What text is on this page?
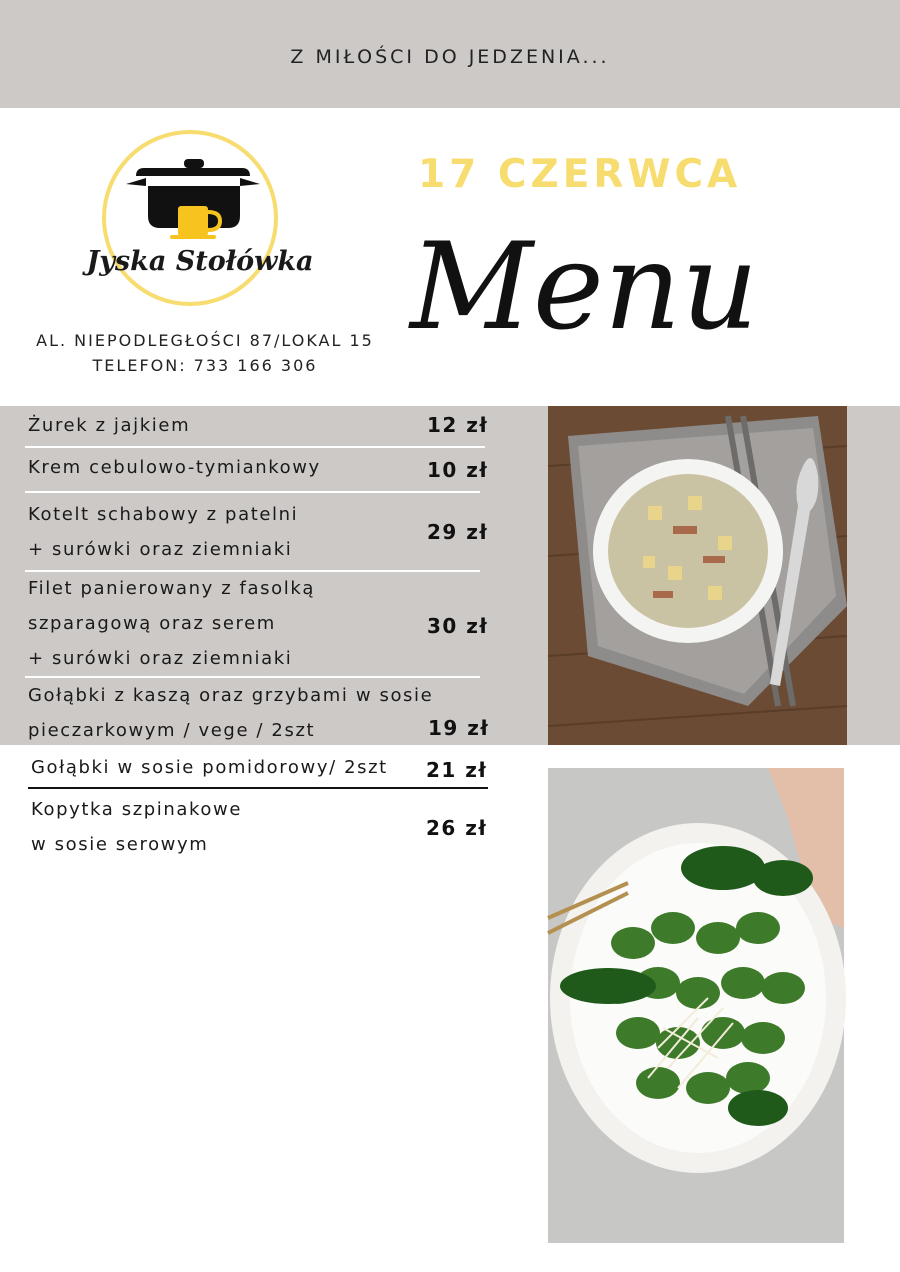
Z MIŁOŚCI DO JEDZENIA...
Jyska Stołówka
AL. NIEPODLEGŁOŚCI 87/LOKAL 15
TELEFON: 733 166 306
17 CZERWCA
Menu
Żurek z jajkiem	12 zł
Krem cebulowo-tymiankowy	10 zł
Kotelt schabowy z patelni
+ surówki oraz ziemniaki
29 zł
Filet panierowany z fasolką
szparagową oraz serem
+ surówki oraz ziemniaki
30 zł
Gołąbki z kaszą oraz grzybami w sosie
pieczarkowym / vege / 2szt	19 zł
Gołąbki w sosie pomidorowy/ 2szt 21 zł
Kopytka szpinakowe
w sosie serowym
26 zł
